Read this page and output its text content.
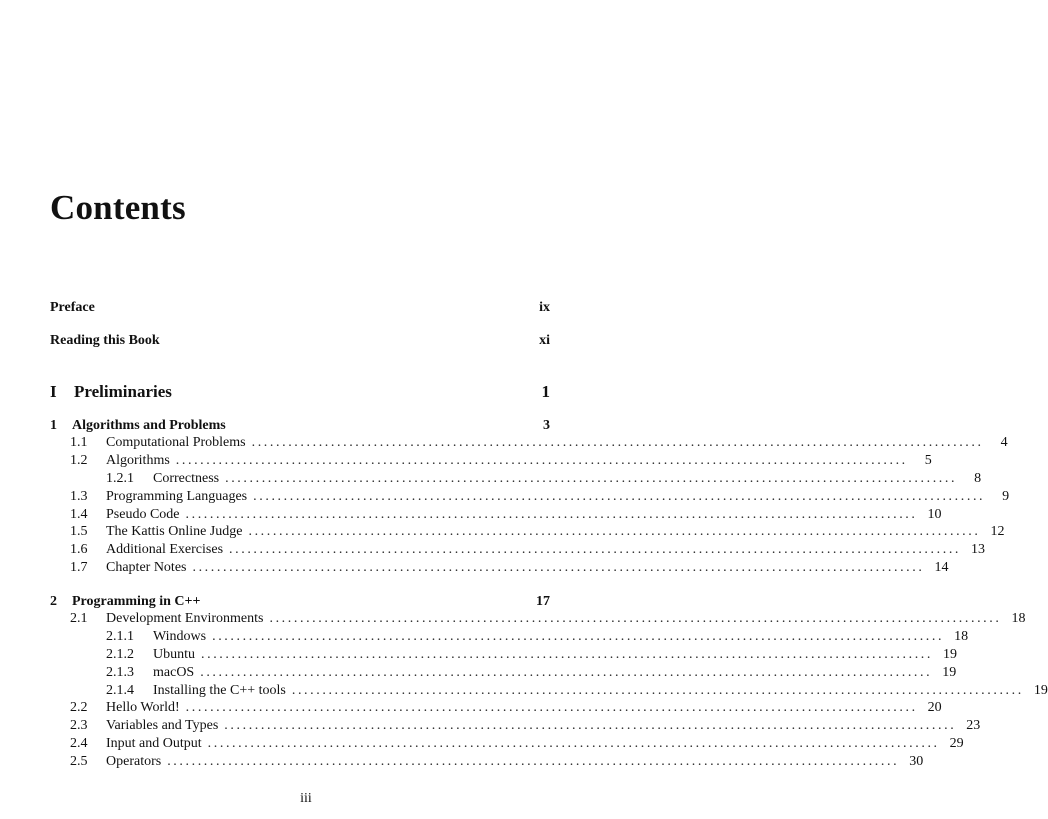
Contents
Preface	ix
Reading this Book	xi
I	Preliminaries	1
1	Algorithms and Problems	3
1.1	Computational Problems ........................................................................................................................	4
1.2	Algorithms ........................................................................................................................	5
1.2.1	Correctness ........................................................................................................................	8
1.3	Programming Languages ........................................................................................................................	9
1.4	Pseudo Code ........................................................................................................................ 10
1.5	The Kattis Online Judge ........................................................................................................................ 12
1.6	Additional Exercises ........................................................................................................................ 13
1.7	Chapter Notes ........................................................................................................................ 14
2	Programming in C++	17
2.1	Development Environments ........................................................................................................................ 18
2.1.1	Windows ........................................................................................................................ 18
2.1.2	Ubuntu ........................................................................................................................ 19
2.1.3	macOS ........................................................................................................................ 19
2.1.4	Installing the C++ tools ........................................................................................................................ 19
2.2	Hello World! ........................................................................................................................ 20
2.3	Variables and Types ........................................................................................................................ 23
2.4	Input and Output ........................................................................................................................ 29
2.5	Operators ........................................................................................................................ 30
iii
